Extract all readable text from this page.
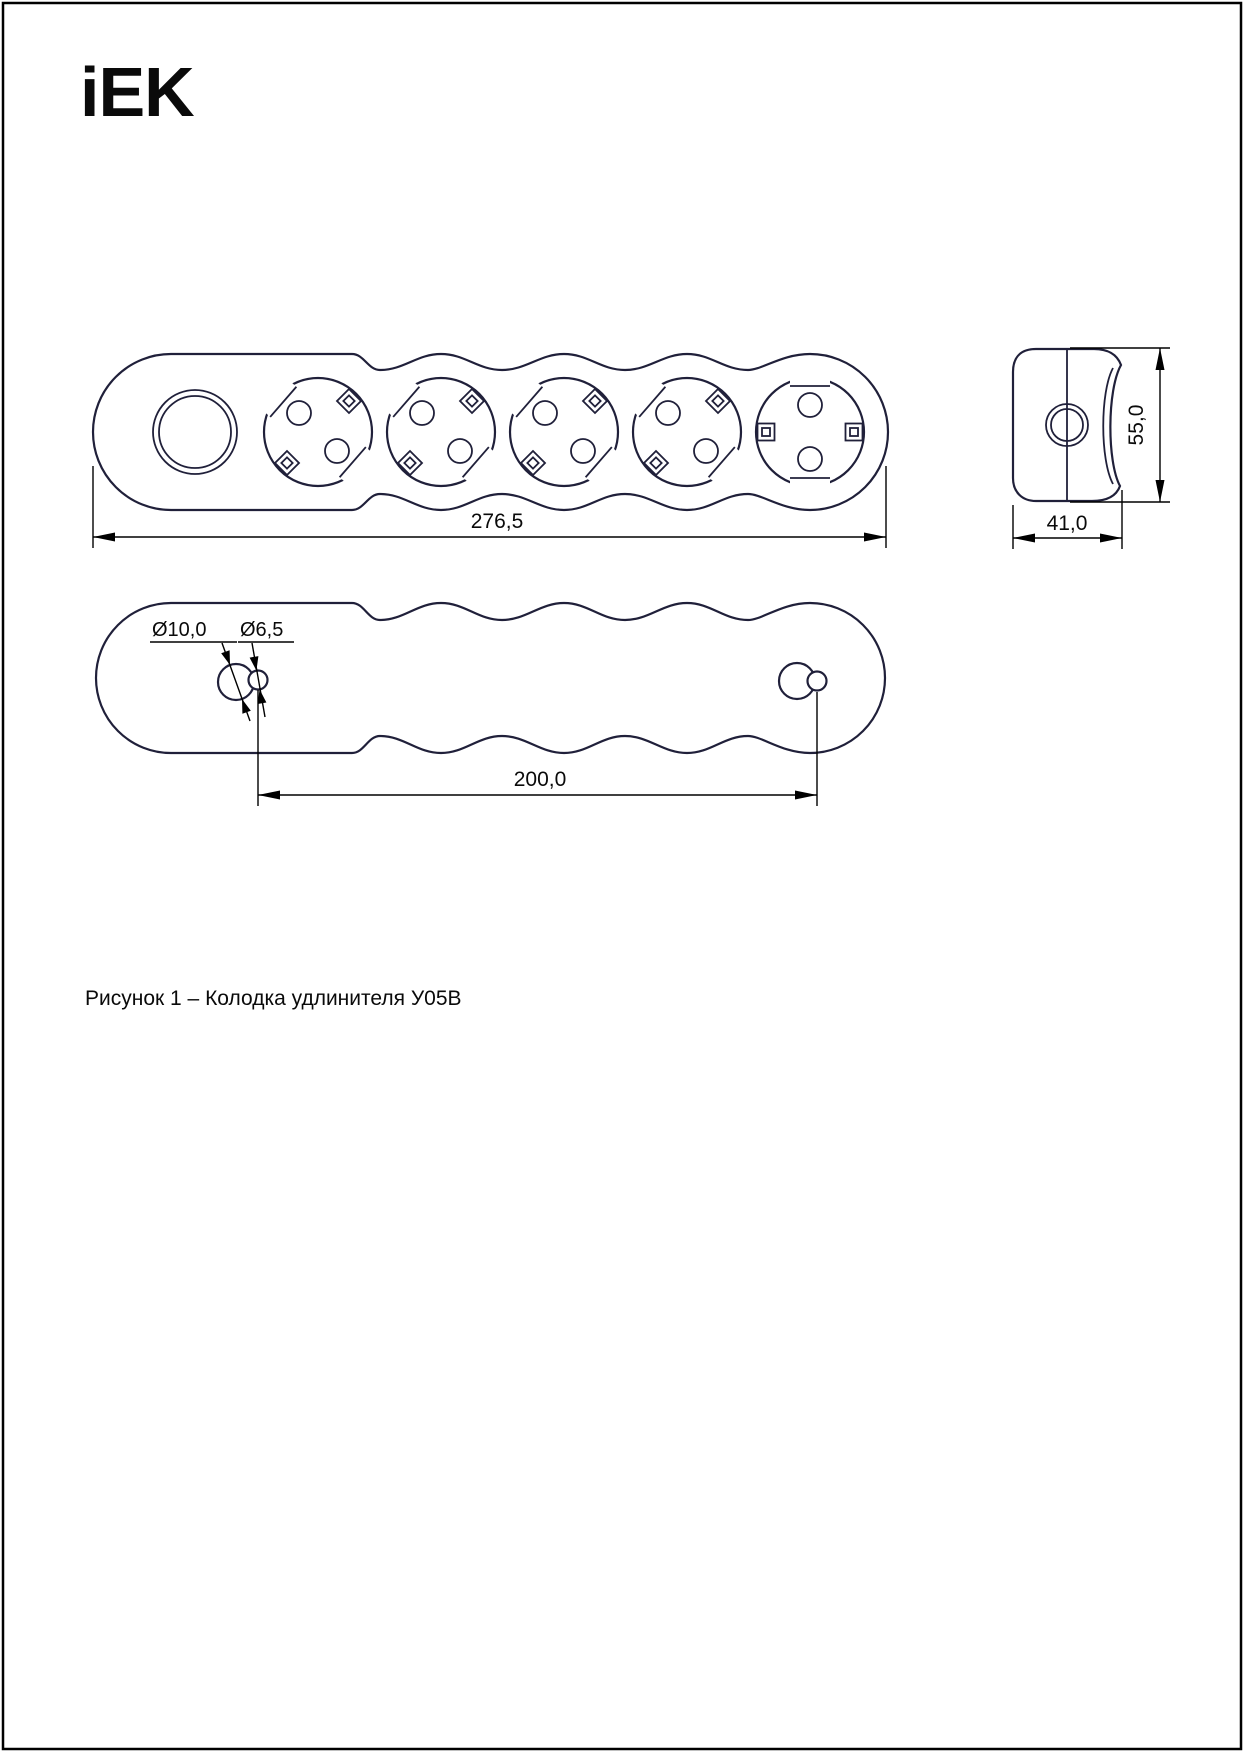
iEK
276,5
55,0
41,0
Ø10,0 Ø6,5
200,0
Рисунок 1 – Колодка удлинителя У05В
